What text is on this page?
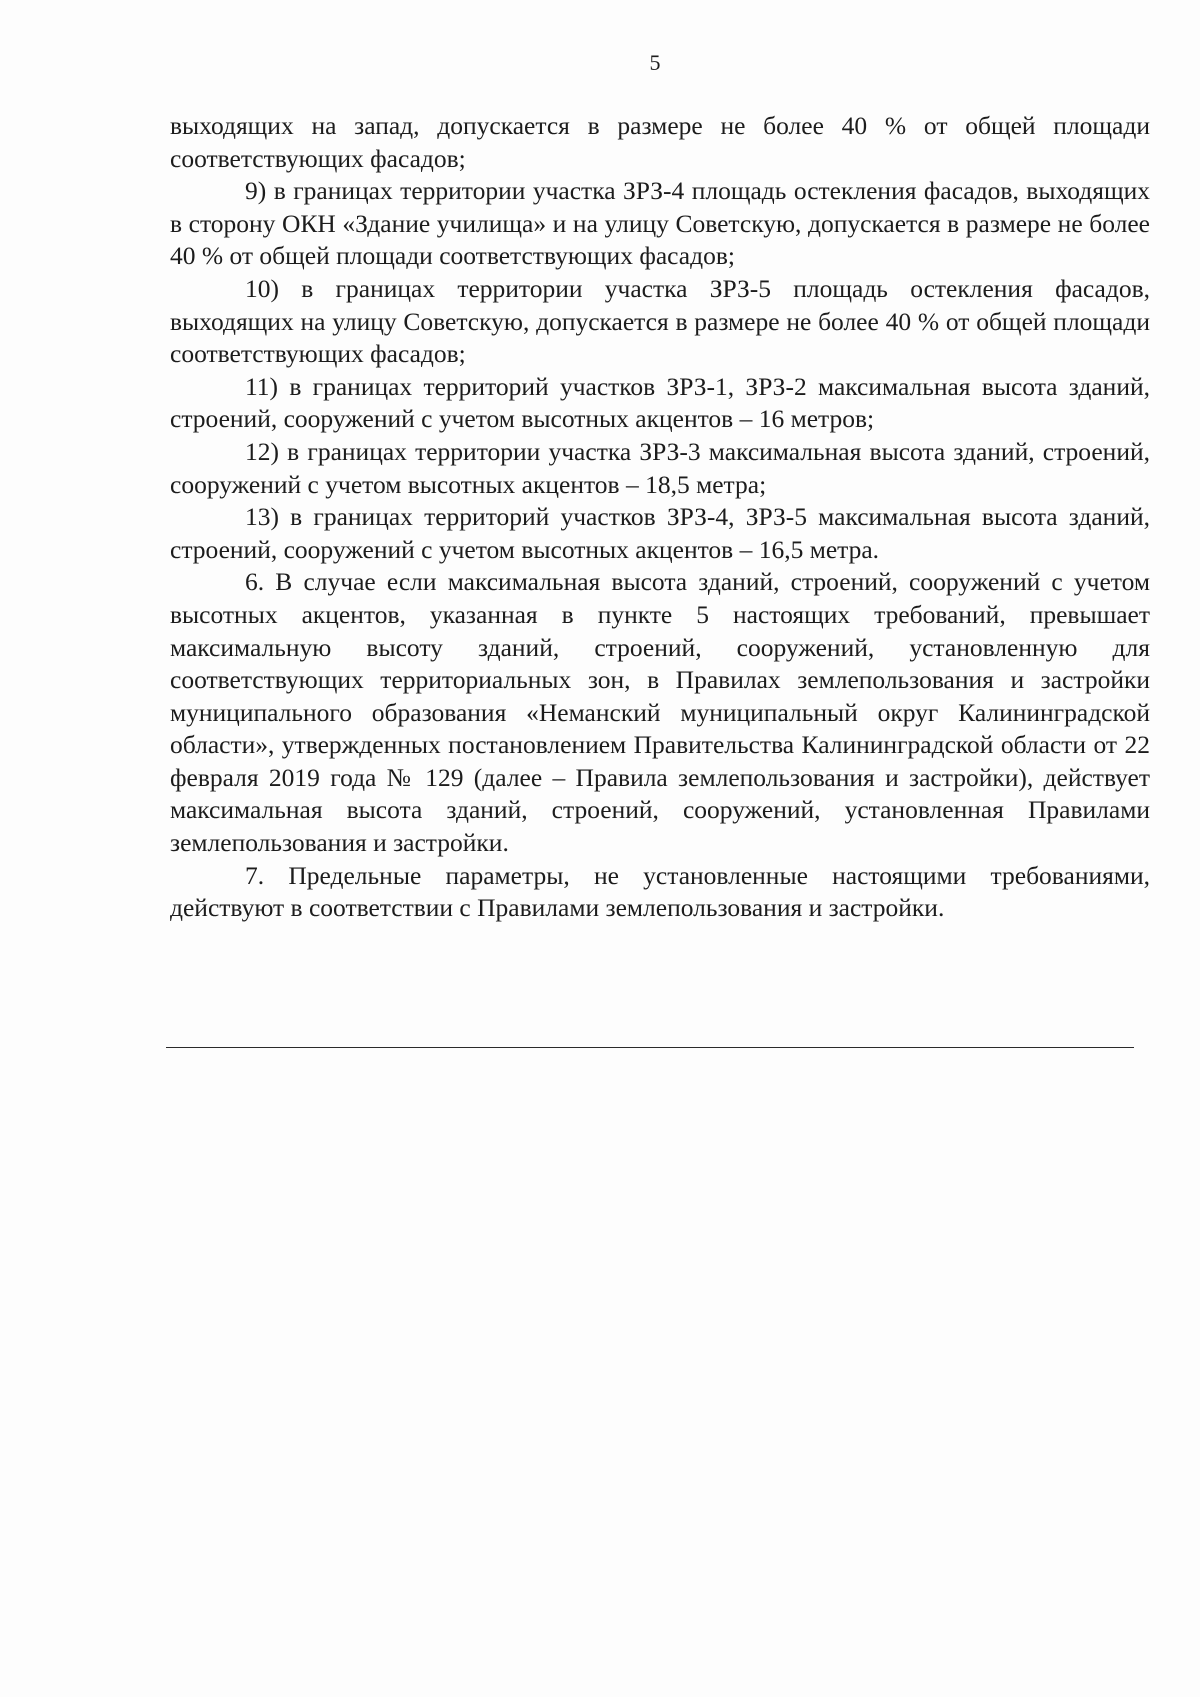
5

выходящих на запад, допускается в размере не более 40 % от общей площади соответствующих фасадов;

9) в границах территории участка ЗРЗ-4 площадь остекления фасадов, выходящих в сторону ОКН «Здание училища» и на улицу Советскую, допускается в размере не более 40 % от общей площади соответствующих фасадов;

10) в границах территории участка ЗРЗ-5 площадь остекления фасадов, выходящих на улицу Советскую, допускается в размере не более 40 % от общей площади соответствующих фасадов;

11) в границах территорий участков ЗРЗ-1, ЗРЗ-2 максимальная высота зданий, строений, сооружений с учетом высотных акцентов – 16 метров;

12) в границах территории участка ЗРЗ-3 максимальная высота зданий, строений, сооружений с учетом высотных акцентов – 18,5 метра;

13) в границах территорий участков ЗРЗ-4, ЗРЗ-5 максимальная высота зданий, строений, сооружений с учетом высотных акцентов – 16,5 метра.

6. В случае если максимальная высота зданий, строений, сооружений с учетом высотных акцентов, указанная в пункте 5 настоящих требований, превышает максимальную высоту зданий, строений, сооружений, установленную для соответствующих территориальных зон, в Правилах землепользования и застройки муниципального образования «Неманский муниципальный округ Калининградской области», утвержденных постановлением Правительства Калининградской области от 22 февраля 2019 года № 129 (далее – Правила землепользования и застройки), действует максимальная высота зданий, строений, сооружений, установленная Правилами землепользования и застройки.

7. Предельные параметры, не установленные настоящими требованиями, действуют в соответствии с Правилами землепользования и застройки.
